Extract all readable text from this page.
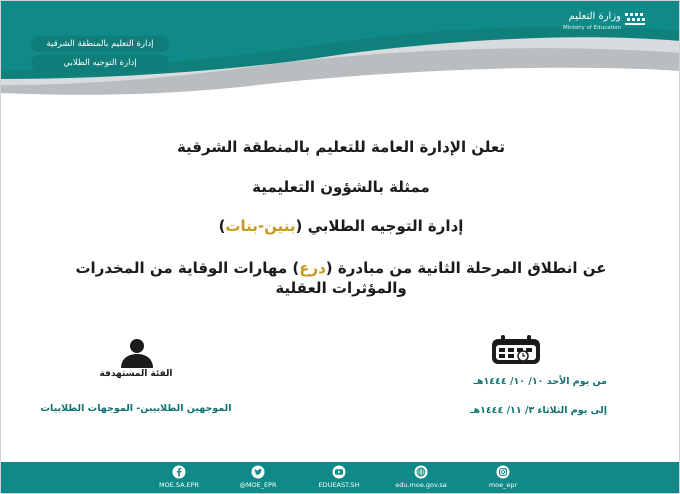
إدارة التعليم بالمنطقة الشرقية
إدارة التوجيه الطلابي
وزارة التعليم
Ministry of Education
تعلن الإدارة العامة للتعليم بالمنطقة الشرقية
ممثلة بالشؤون التعليمية
إدارة التوجيه الطلابي (بنين-بنات)
عن انطلاق المرحلة الثانية من مبادرة (درع) مهارات الوقاية من المخدرات
والمؤثرات العقلية
الفئة المستهدفة
الموجهين الطلابيين- الموجهات الطلابيات
من يوم الأحد ١٠/ ١٠/ ١٤٤٤هـ
إلى يوم الثلاثاء ٣/ ١١/ ١٤٤٤هـ
MOE.SA.EPR	@MOE_EPR	EDUEAST.SH	edu.moe.gov.sa	moe_epr
